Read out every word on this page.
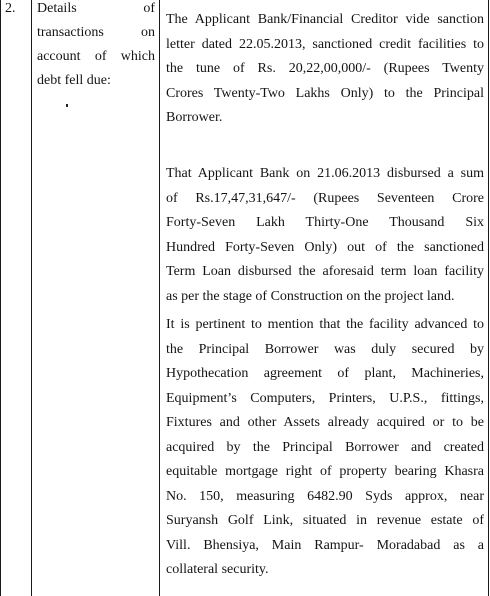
2. Details of
transactions on
account of which
debt fell due:
The Applicant Bank/Financial Creditor vide sanction
letter dated 22.05.2013, sanctioned credit facilities to
the tune of Rs. 20,22,00,000/- (Rupees Twenty
Crores Twenty-Two Lakhs Only) to the Principal
Borrower.
That Applicant Bank on 21.06.2013 disbursed a sum
of Rs.17,47,31,647/- (Rupees Seventeen Crore
Forty-Seven Lakh Thirty-One Thousand Six
Hundred Forty-Seven Only) out of the sanctioned
Term Loan disbursed the aforesaid term loan facility
as per the stage of Construction on the project land.
It is pertinent to mention that the facility advanced to
the Principal Borrower was duly secured by
Hypothecation agreement of plant, Machineries,
Equipment’s Computers, Printers, U.P.S., fittings,
Fixtures and other Assets already acquired or to be
acquired by the Principal Borrower and created
equitable mortgage right of property bearing Khasra
No. 150, measuring 6482.90 Syds approx, near
Suryansh Golf Link, situated in revenue estate of
Vill. Bhensiya, Main Rampur- Moradabad as a
collateral security.
